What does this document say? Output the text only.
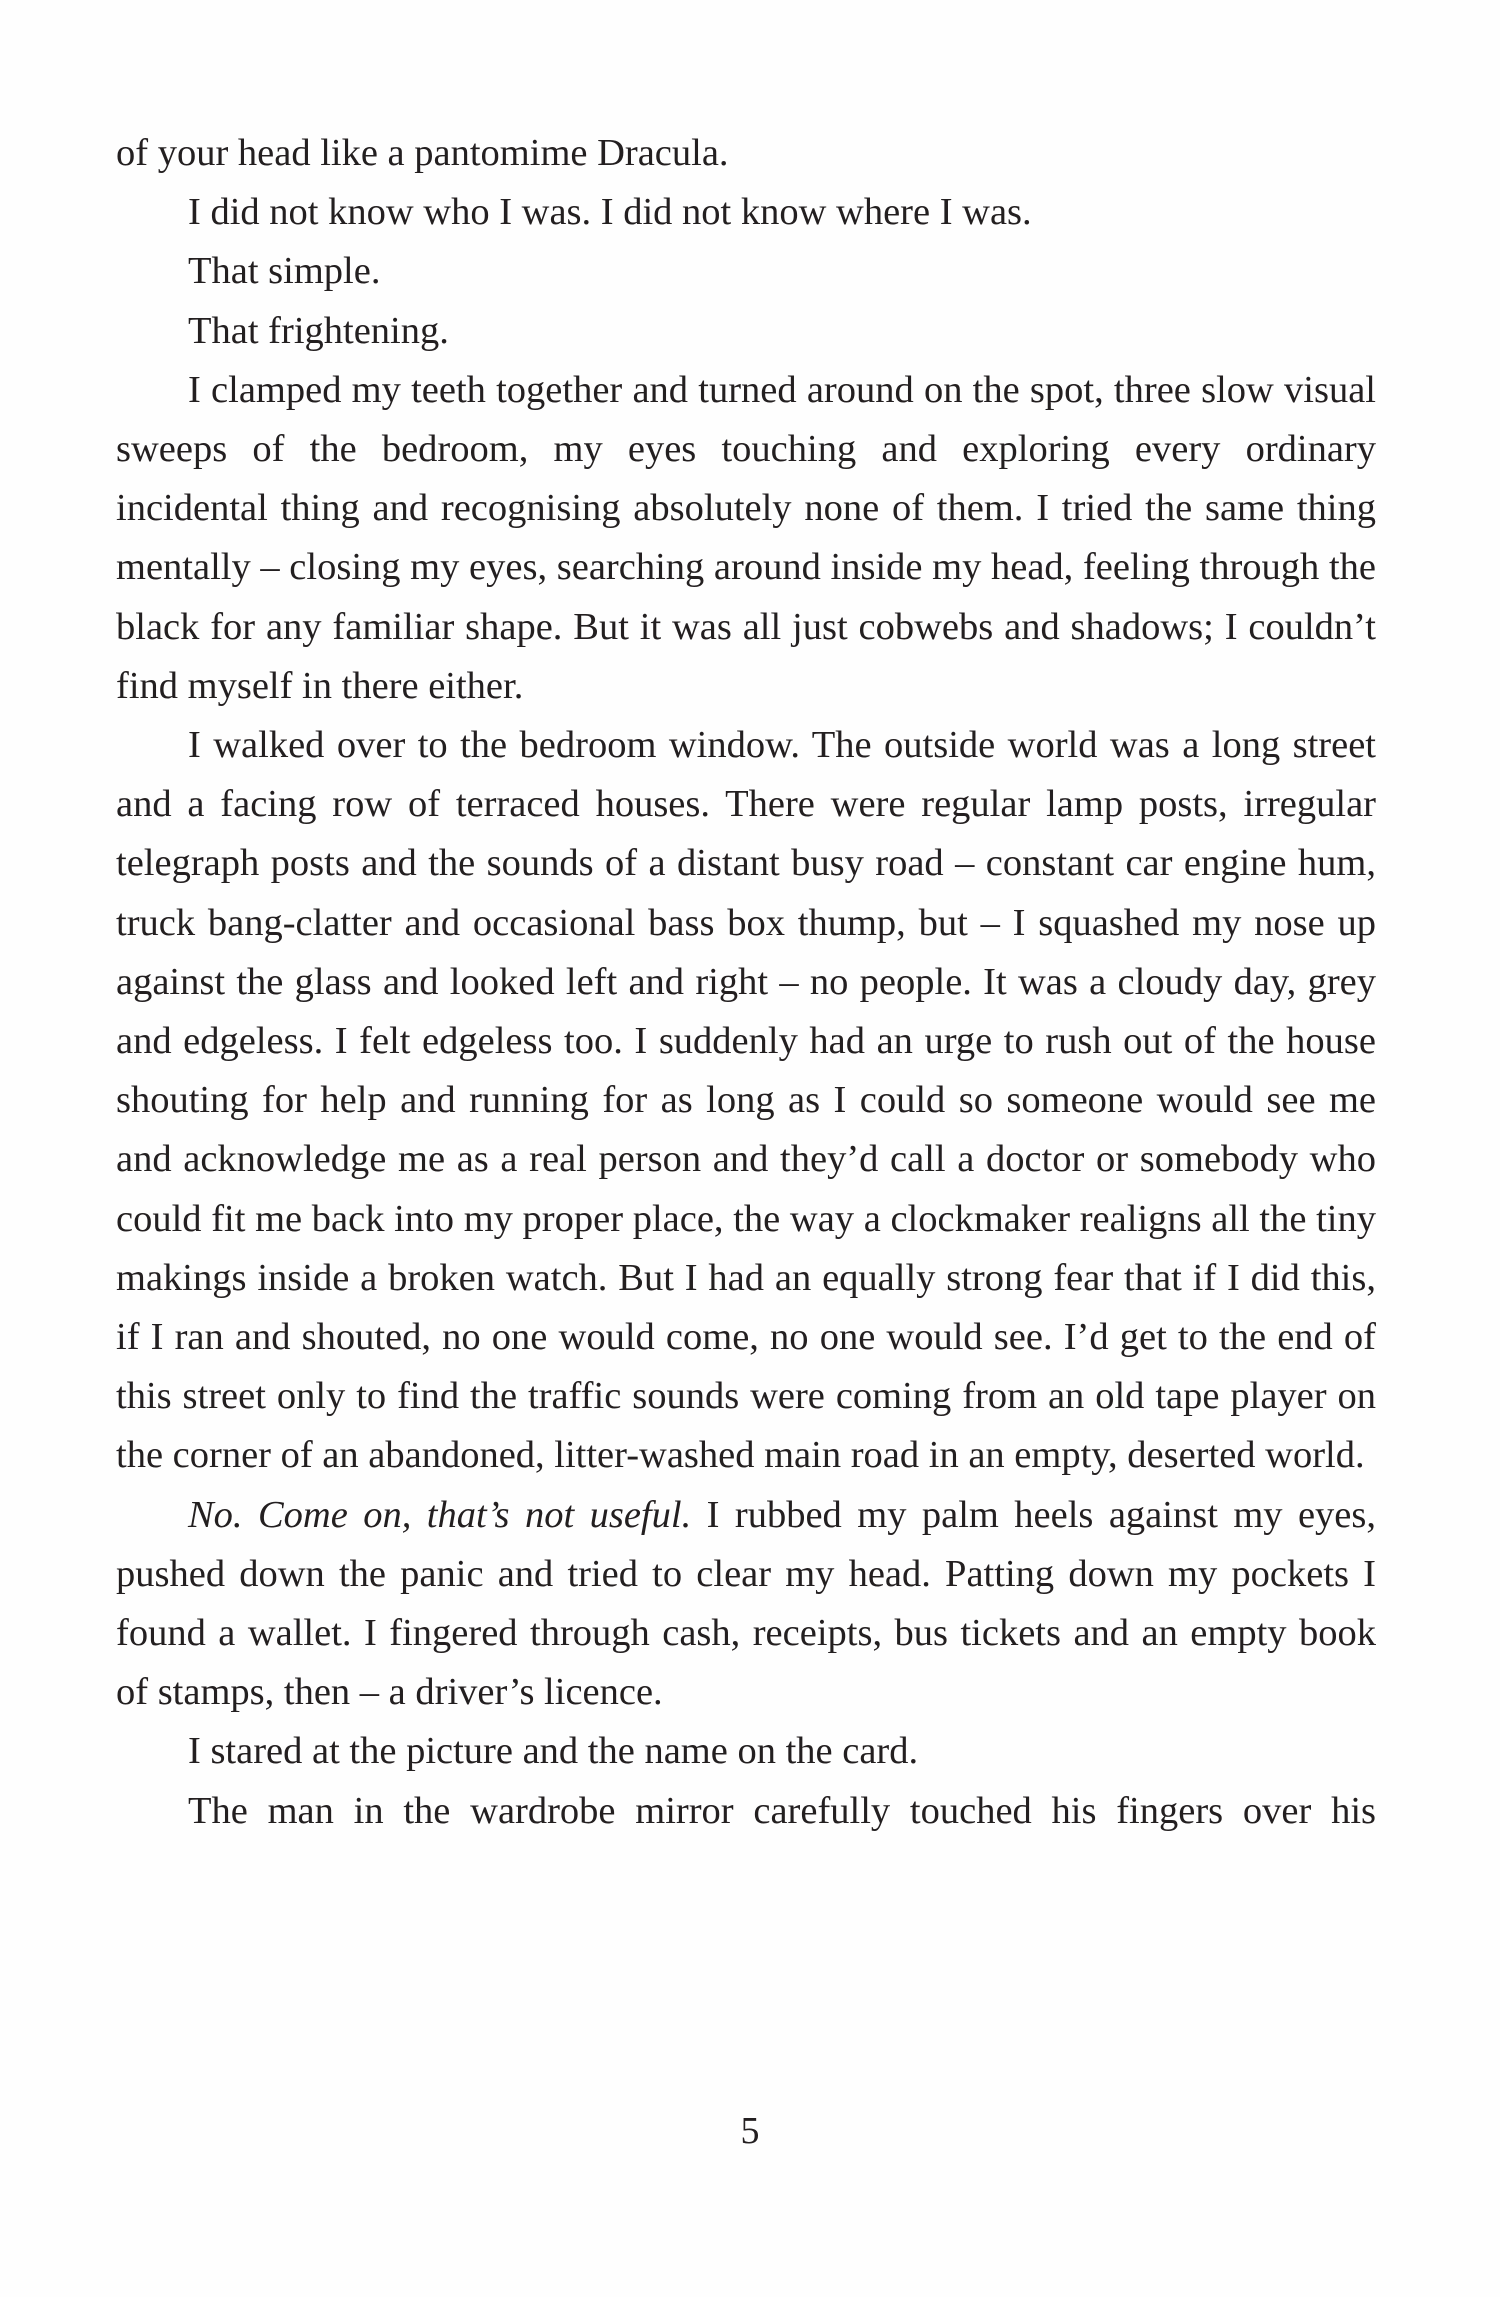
of your head like a pantomime Dracula.

I did not know who I was. I did not know where I was.

That simple.

That frightening.

I clamped my teeth together and turned around on the spot, three slow visual sweeps of the bedroom, my eyes touching and exploring every ordinary incidental thing and recognising absolutely none of them. I tried the same thing mentally – closing my eyes, searching around inside my head, feeling through the black for any familiar shape. But it was all just cobwebs and shadows; I couldn’t find myself in there either.

I walked over to the bedroom window. The outside world was a long street and a facing row of terraced houses. There were regular lamp posts, irregular telegraph posts and the sounds of a distant busy road – constant car engine hum, truck bang-clatter and occasional bass box thump, but – I squashed my nose up against the glass and looked left and right – no people. It was a cloudy day, grey and edgeless. I felt edgeless too. I suddenly had an urge to rush out of the house shouting for help and running for as long as I could so someone would see me and acknowledge me as a real person and they’d call a doctor or somebody who could fit me back into my proper place, the way a clockmaker realigns all the tiny makings inside a broken watch. But I had an equally strong fear that if I did this, if I ran and shouted, no one would come, no one would see. I’d get to the end of this street only to find the traffic sounds were coming from an old tape player on the corner of an abandoned, litter-washed main road in an empty, deserted world.

No. Come on, that’s not useful. I rubbed my palm heels against my eyes, pushed down the panic and tried to clear my head. Patting down my pockets I found a wallet. I fingered through cash, receipts, bus tickets and an empty book of stamps, then – a driver’s licence.

I stared at the picture and the name on the card.

The man in the wardrobe mirror carefully touched his fingers over his

5
